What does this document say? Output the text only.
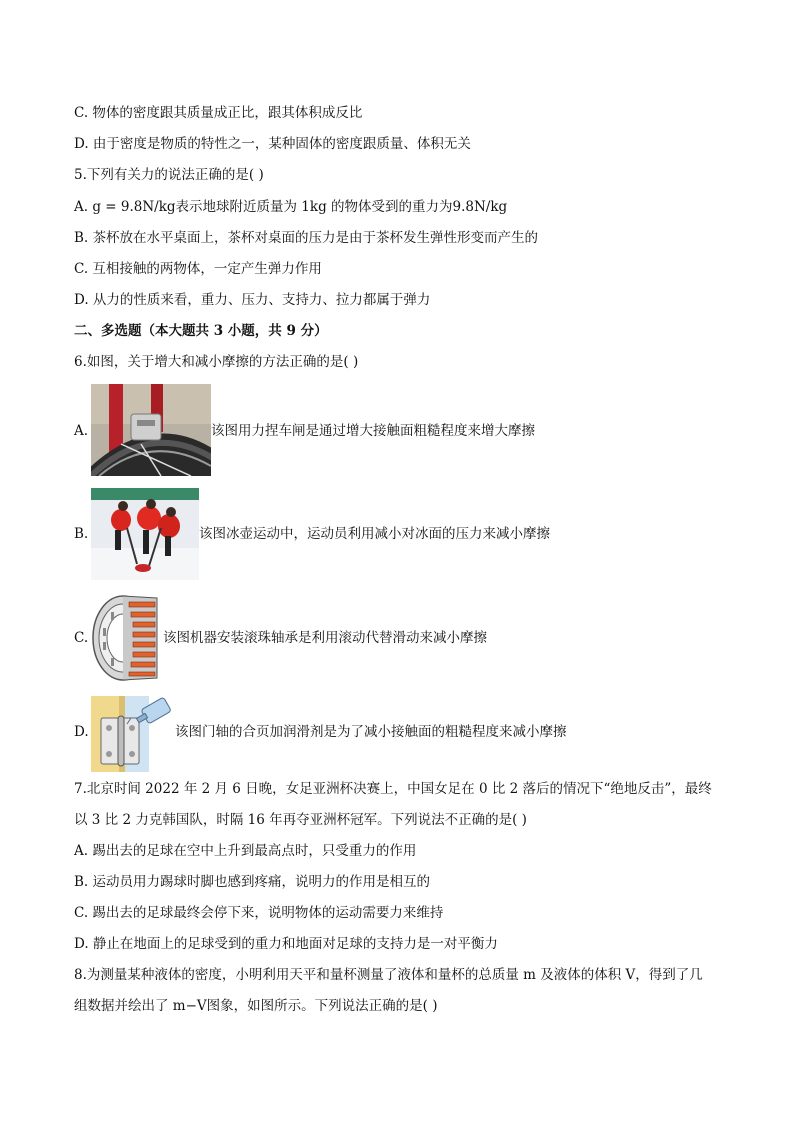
C. 物体的密度跟其质量成正比，跟其体积成反比
D. 由于密度是物质的特性之一，某种固体的密度跟质量、体积无关
5.下列有关力的说法正确的是( )
A. g = 9.8N/kg表示地球附近质量为 1kg 的物体受到的重力为9.8N/kg
B. 茶杯放在水平桌面上，茶杯对桌面的压力是由于茶杯发生弹性形变而产生的
C. 互相接触的两物体，一定产生弹力作用
D. 从力的性质来看，重力、压力、支持力、拉力都属于弹力
二、多选题（本大题共 3 小题，共 9 分）
6.如图，关于增大和减小摩擦的方法正确的是( )
A.	该图用力捏车闸是通过增大接触面粗糙程度来增大摩擦
B.	该图冰壶运动中，运动员利用减小对冰面的压力来减小摩擦
C.	该图机器安装滚珠轴承是利用滚动代替滑动来减小摩擦
D.	该图门轴的合页加润滑剂是为了减小接触面的粗糙程度来减小摩擦
7.北京时间 2022 年 2 月 6 日晚，女足亚洲杯决赛上，中国女足在 0 比 2 落后的情况下“绝地反击”，最终
以 3 比 2 力克韩国队，时隔 16 年再夺亚洲杯冠军。下列说法不正确的是( )
A. 踢出去的足球在空中上升到最高点时，只受重力的作用
B. 运动员用力踢球时脚也感到疼痛，说明力的作用是相互的
C. 踢出去的足球最终会停下来，说明物体的运动需要力来维持
D. 静止在地面上的足球受到的重力和地面对足球的支持力是一对平衡力
8.为测量某种液体的密度，小明利用天平和量杯测量了液体和量杯的总质量 m 及液体的体积 V，得到了几
组数据并绘出了 m−V图象，如图所示。下列说法正确的是( )
